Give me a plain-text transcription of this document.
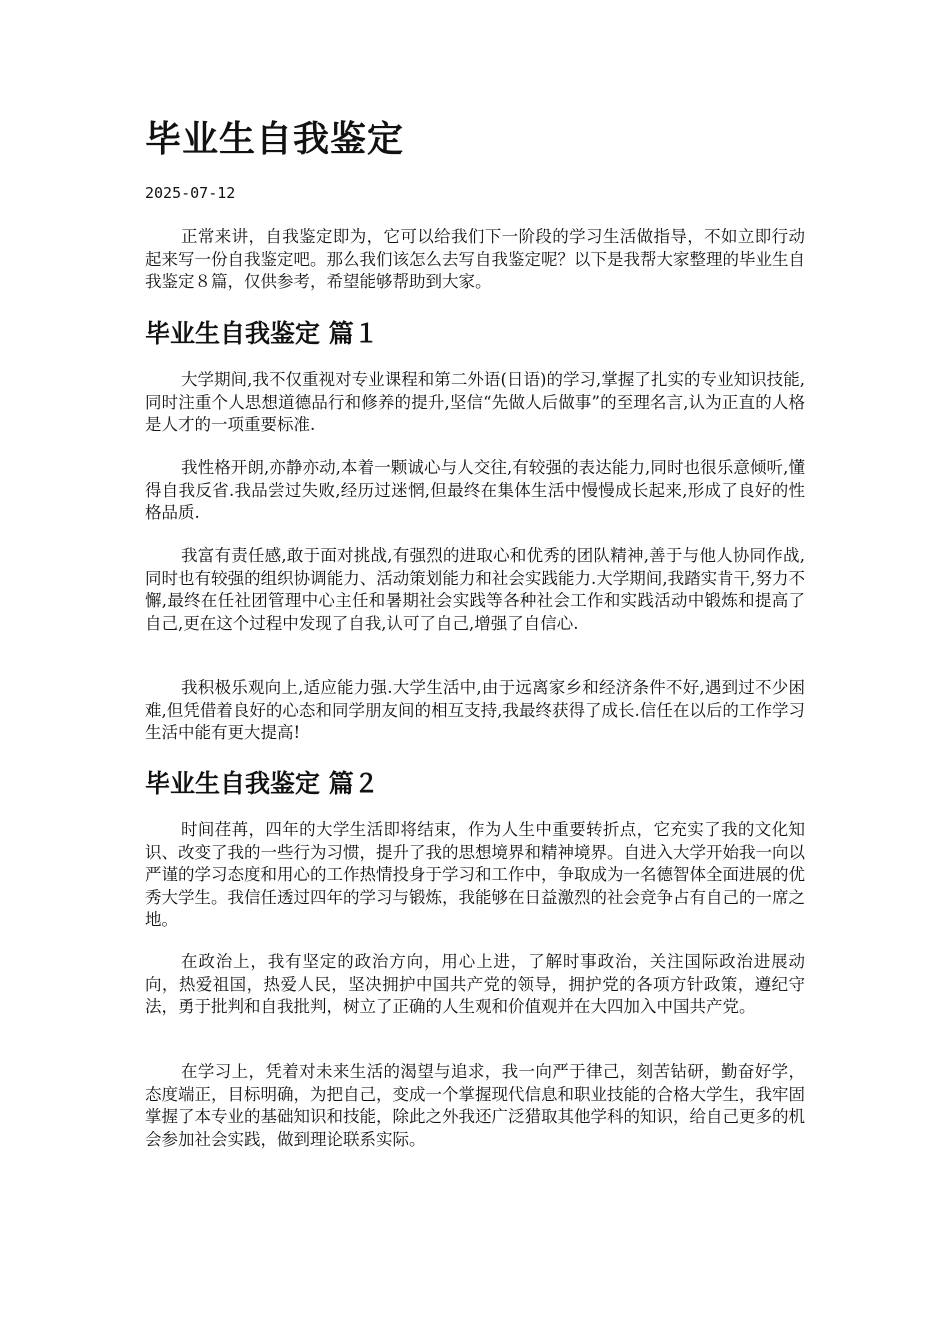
毕业生自我鉴定
2025-07-12

正常来讲，自我鉴定即为，它可以给我们下一阶段的学习生活做指导，不如立即行动起来写一份自我鉴定吧。那么我们该怎么去写自我鉴定呢？以下是我帮大家整理的毕业生自我鉴定８篇，仅供参考，希望能够帮助到大家。

毕业生自我鉴定 篇１

大学期间,我不仅重视对专业课程和第二外语(日语)的学习,掌握了扎实的专业知识技能,同时注重个人思想道德品行和修养的提升,坚信“先做人后做事”的至理名言,认为正直的人格是人才的一项重要标准.

我性格开朗,亦静亦动,本着一颗诚心与人交往,有较强的表达能力,同时也很乐意倾听,懂得自我反省.我品尝过失败,经历过迷惘,但最终在集体生活中慢慢成长起来,形成了良好的性格品质.

我富有责任感,敢于面对挑战,有强烈的进取心和优秀的团队精神,善于与他人协同作战,同时也有较强的组织协调能力、活动策划能力和社会实践能力.大学期间,我踏实肯干,努力不懈,最终在任社团管理中心主任和暑期社会实践等各种社会工作和实践活动中锻炼和提高了自己,更在这个过程中发现了自我,认可了自己,增强了自信心.

我积极乐观向上,适应能力强.大学生活中,由于远离家乡和经济条件不好,遇到过不少困难,但凭借着良好的心态和同学朋友间的相互支持,我最终获得了成长.信任在以后的工作学习生活中能有更大提高!

毕业生自我鉴定 篇２

时间荏苒，四年的大学生活即将结束，作为人生中重要转折点，它充实了我的文化知识、改变了我的一些行为习惯，提升了我的思想境界和精神境界。自进入大学开始我一向以严谨的学习态度和用心的工作热情投身于学习和工作中，争取成为一名德智体全面进展的优秀大学生。我信任透过四年的学习与锻炼，我能够在日益激烈的社会竞争占有自己的一席之地。

在政治上，我有坚定的政治方向，用心上进，了解时事政治，关注国际政治进展动向，热爱祖国，热爱人民，坚决拥护中国共产党的领导，拥护党的各项方针政策，遵纪守法，勇于批判和自我批判，树立了正确的人生观和价值观并在大四加入中国共产党。

在学习上，凭着对未来生活的渴望与追求，我一向严于律己，刻苦钻研，勤奋好学，态度端正，目标明确，为把自己，变成一个掌握现代信息和职业技能的合格大学生，我牢固掌握了本专业的基础知识和技能，除此之外我还广泛猎取其他学科的知识，给自己更多的机会参加社会实践，做到理论联系实际。
